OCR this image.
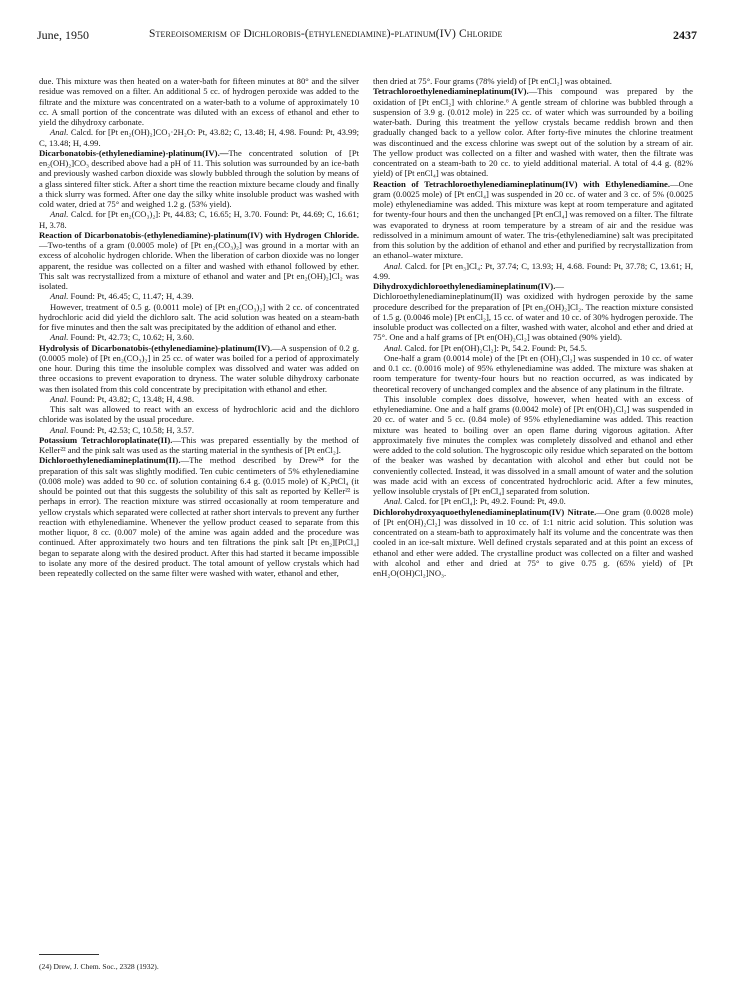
June, 1950	Stereoisomerism of Dichlorobis-(ethylenediamine)-platinum(IV) Chloride	2437

due. This mixture was then heated on a water-bath for fifteen minutes at 80° and the silver residue was removed on a filter. An additional 5 cc. of hydrogen peroxide was added to the filtrate and the mixture was concentrated on a water-bath to a volume of approximately 10 cc. A small portion of the concentrate was diluted with an excess of ethanol and ether to yield the dihydroxy carbonate.

Anal. Calcd. for [Pt en₂(OH)₂]CO₃·2H₂O: Pt, 43.82; C, 13.48; H, 4.98. Found: Pt, 43.99; C, 13.48; H, 4.99.

Dicarbonatobis-(ethylenediamine)-platinum(IV).—The concentrated solution of [Pt en₂(OH)₂]CO₃ described above had a pH of 11. This solution was surrounded by an ice-bath and previously washed carbon dioxide was slowly bubbled through the solution by means of a glass sintered filter stick. After a short time the reaction mixture became cloudy and finally a thick slurry was formed. After one day the silky white insoluble product was washed with cold water, dried at 75° and weighed 1.2 g. (53% yield).

Anal. Calcd. for [Pt en₂(CO₃)₂]: Pt, 44.83; C, 16.65; H, 3.70. Found: Pt, 44.69; C, 16.61; H, 3.78.

Reaction of Dicarbonatobis-(ethylenediamine)-platinum(IV) with Hydrogen Chloride.—Two-tenths of a gram (0.0005 mole) of [Pt en₂(CO₃)₂] was ground in a mortar with an excess of alcoholic hydrogen chloride. When the liberation of carbon dioxide was no longer apparent, the residue was collected on a filter and washed with ethanol followed by ether. This salt was recrystallized from a mixture of ethanol and water and [Pt en₂(OH)₂]Cl₂ was isolated.

Anal. Found: Pt, 46.45; C, 11.47; H, 4.39.

However, treatment of 0.5 g. (0.0011 mole) of [Pt en₂(CO₃)₂] with 2 cc. of concentrated hydrochloric acid did yield the dichloro salt. The acid solution was heated on a steam-bath for five minutes and then the salt was precipitated by the addition of ethanol and ether.

Anal. Found: Pt, 42.73; C, 10.62; H, 3.60.

Hydrolysis of Dicarbonatobis-(ethylenediamine)-platinum(IV).—A suspension of 0.2 g. (0.0005 mole) of [Pt en₂(CO₃)₂] in 25 cc. of water was boiled for a period of approximately one hour. During this time the insoluble complex was dissolved and water was added on three occasions to prevent evaporation to dryness. The water soluble dihydroxy carbonate was then isolated from this cold concentrate by precipitation with ethanol and ether.

Anal. Found: Pt, 43.82; C, 13.48; H, 4.98.

This salt was allowed to react with an excess of hydrochloric acid and the dichloro chloride was isolated by the usual procedure.

Anal. Found: Pt, 42.53; C, 10.58; H, 3.57.

Potassium Tetrachloroplatinate(II).—This was prepared essentially by the method of Keller²² and the pink salt was used as the starting material in the synthesis of [Pt enCl₂].

Dichloroethylenediamineplatinum(II).—The method described by Drew²⁴ for the preparation of this salt was slightly modified. Ten cubic centimeters of 5% ethylenediamine (0.008 mole) was added to 90 cc. of solution containing 6.4 g. (0.015 mole) of K₂PtCl₄ (it should be pointed out that this suggests the solubility of this salt as reported by Keller²² is perhaps in error). The reaction mixture was stirred occasionally at room temperature and yellow crystals which separated were collected at rather short intervals to prevent any further reaction with ethylenediamine. Whenever the yellow product ceased to separate from this mother liquor, 8 cc. (0.007 mole) of the amine was again added and the procedure was continued. After approximately two hours and ten filtrations the pink salt [Pt en₂][PtCl₄] began to separate along with the desired product. After this had started it became impossible to isolate any more of the desired product. The total amount of yellow crystals which had been repeatedly collected on the same filter were washed with water, ethanol and ether,

(24) Drew, J. Chem. Soc., 2328 (1932).

then dried at 75°. Four grams (78% yield) of [Pt enCl₂] was obtained.

Tetrachloroethylenediamineplatinum(IV).—This compound was prepared by the oxidation of [Pt enCl₂] with chlorine.⁶ A gentle stream of chlorine was bubbled through a suspension of 3.9 g. (0.012 mole) in 225 cc. of water which was surrounded by a boiling water-bath. During this treatment the yellow crystals became reddish brown and then gradually changed back to a yellow color. After forty-five minutes the chlorine treatment was discontinued and the excess chlorine was swept out of the solution by a stream of air. The yellow product was collected on a filter and washed with water, then the filtrate was concentrated on a steam-bath to 20 cc. to yield additional material. A total of 4.4 g. (82% yield) of [Pt enCl₄] was obtained.

Reaction of Tetrachloroethylenediamineplatinum(IV) with Ethylenediamine.—One gram (0.0025 mole) of [Pt enCl₄] was suspended in 20 cc. of water and 3 cc. of 5% (0.0025 mole) ethylenediamine was added. This mixture was kept at room temperature and agitated for twenty-four hours and then the unchanged [Pt enCl₄] was removed on a filter. The filtrate was evaporated to dryness at room temperature by a stream of air and the residue was redissolved in a minimum amount of water. The tris-(ethylenediamine) salt was precipitated from this solution by the addition of ethanol and ether and purified by recrystallization from an ethanol–water mixture.

Anal. Calcd. for [Pt en₃]Cl₄: Pt, 37.74; C, 13.93; H, 4.68. Found: Pt, 37.78; C, 13.61; H, 4.99.

Dihydroxydichloroethylenediamineplatinum(IV).—Dichloroethylenediamineplatinum(II) was oxidized with hydrogen peroxide by the same procedure described for the preparation of [Pt en₂(OH)₂]Cl₂. The reaction mixture consisted of 1.5 g. (0.0046 mole) [Pt enCl₂], 15 cc. of water and 10 cc. of 30% hydrogen peroxide. The insoluble product was collected on a filter, washed with water, alcohol and ether and dried at 75°. One and a half grams of [Pt en(OH)₂Cl₂] was obtained (90% yield).

Anal. Calcd. for [Pt en(OH)₂Cl₂]: Pt, 54.2. Found: Pt, 54.5.

One-half a gram (0.0014 mole) of the [Pt en (OH)₂Cl₂] was suspended in 10 cc. of water and 0.1 cc. (0.0016 mole) of 95% ethylenediamine was added. The mixture was shaken at room temperature for twenty-four hours but no reaction occurred, as was indicated by theoretical recovery of unchanged complex and the absence of any platinum in the filtrate.

This insoluble complex does dissolve, however, when heated with an excess of ethylenediamine. One and a half grams (0.0042 mole) of [Pt en(OH)₂Cl₂] was suspended in 20 cc. of water and 5 cc. (0.84 mole) of 95% ethylenediamine was added. This reaction mixture was heated to boiling over an open flame during vigorous agitation. After approximately five minutes the complex was completely dissolved and ethanol and ether were added to the cold solution. The hygroscopic oily residue which separated on the bottom of the beaker was washed by decantation with alcohol and ether but could not be conveniently collected. Instead, it was dissolved in a small amount of water and the solution was made acid with an excess of concentrated hydrochloric acid. After a few minutes, yellow insoluble crystals of [Pt enCl₄] separated from solution.

Anal. Calcd. for [Pt enCl₄]: Pt, 49.2. Found: Pt, 49.0.

Dichlorohydroxyaquoethylenediamineplatinum(IV) Nitrate.—One gram (0.0028 mole) of [Pt en(OH)₂Cl₂] was dissolved in 10 cc. of 1:1 nitric acid solution. This solution was concentrated on a steam-bath to approximately half its volume and the concentrate was then cooled in an ice-salt mixture. Well defined crystals separated and at this point an excess of ethanol and ether were added. The crystalline product was collected on a filter and washed with alcohol and ether and dried at 75° to give 0.75 g. (65% yield) of [Pt enH₂O(OH)Cl₂]NO₃.
